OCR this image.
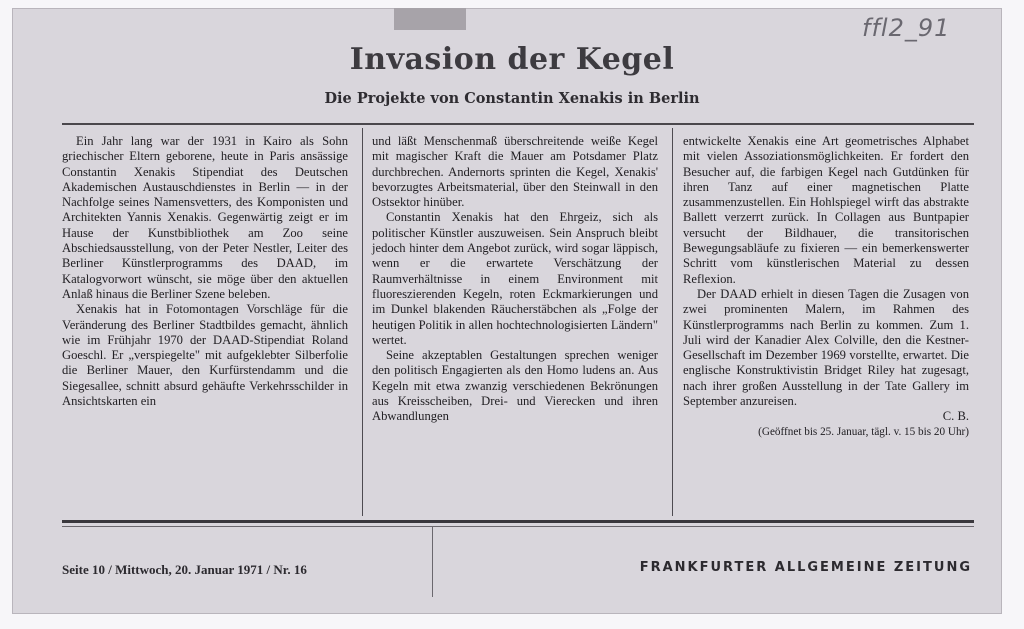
ffl2_91
Invasion der Kegel
Die Projekte von Constantin Xenakis in Berlin

Ein Jahr lang war der 1931 in Kairo als Sohn griechischer Eltern geborene, heute in Paris ansässige Constantin Xenakis Stipendiat des Deutschen Akademischen Austauschdienstes in Berlin — in der Nachfolge seines Namensvetters, des Komponisten und Architekten Yannis Xenakis. Gegenwärtig zeigt er im Hause der Kunstbibliothek am Zoo seine Abschiedsausstellung, von der Peter Nestler, Leiter des Berliner Künstlerprogramms des DAAD, im Katalogvorwort wünscht, sie möge über den aktuellen Anlaß hinaus die Berliner Szene beleben.

Xenakis hat in Fotomontagen Vorschläge für die Veränderung des Berliner Stadtbildes gemacht, ähnlich wie im Frühjahr 1970 der DAAD-Stipendiat Roland Goeschl. Er „verspiegelte" mit aufgeklebter Silberfolie die Berliner Mauer, den Kurfürstendamm und die Siegesallee, schnitt absurd gehäufte Verkehrsschilder in Ansichtskarten ein

und läßt Menschenmaß überschreitende weiße Kegel mit magischer Kraft die Mauer am Potsdamer Platz durchbrechen. Andernorts sprinten die Kegel, Xenakis' bevorzugtes Arbeitsmaterial, über den Steinwall in den Ostsektor hinüber.

Constantin Xenakis hat den Ehrgeiz, sich als politischer Künstler auszuweisen. Sein Anspruch bleibt jedoch hinter dem Angebot zurück, wird sogar läppisch, wenn er die erwartete Verschätzung der Raumverhältnisse in einem Environment mit fluoreszierenden Kegeln, roten Eckmarkierungen und im Dunkel blakenden Räucherstäbchen als „Folge der heutigen Politik in allen hochtechnologisierten Ländern" wertet.

Seine akzeptablen Gestaltungen sprechen weniger den politisch Engagierten als den Homo ludens an. Aus Kegeln mit etwa zwanzig verschiedenen Bekrönungen aus Kreisscheiben, Drei- und Vierecken und ihren Abwandlungen

entwickelte Xenakis eine Art geometrisches Alphabet mit vielen Assoziationsmöglichkeiten. Er fordert den Besucher auf, die farbigen Kegel nach Gutdünken für ihren Tanz auf einer magnetischen Platte zusammenzustellen. Ein Hohlspiegel wirft das abstrakte Ballett verzerrt zurück. In Collagen aus Buntpapier versucht der Bildhauer, die transitorischen Bewegungsabläufe zu fixieren — ein bemerkenswerter Schritt vom künstlerischen Material zu dessen Reflexion.

Der DAAD erhielt in diesen Tagen die Zusagen von zwei prominenten Malern, im Rahmen des Künstlerprogramms nach Berlin zu kommen. Zum 1. Juli wird der Kanadier Alex Colville, den die Kestner-Gesellschaft im Dezember 1969 vorstellte, erwartet. Die englische Konstruktivistin Bridget Riley hat zugesagt, nach ihrer großen Ausstellung in der Tate Gallery im September anzureisen.

C. B.

(Geöffnet bis 25. Januar, tägl. v. 15 bis 20 Uhr)

Seite 10 / Mittwoch, 20. Januar 1971 / Nr. 16	FRANKFURTER ALLGEMEINE ZEITUNG
